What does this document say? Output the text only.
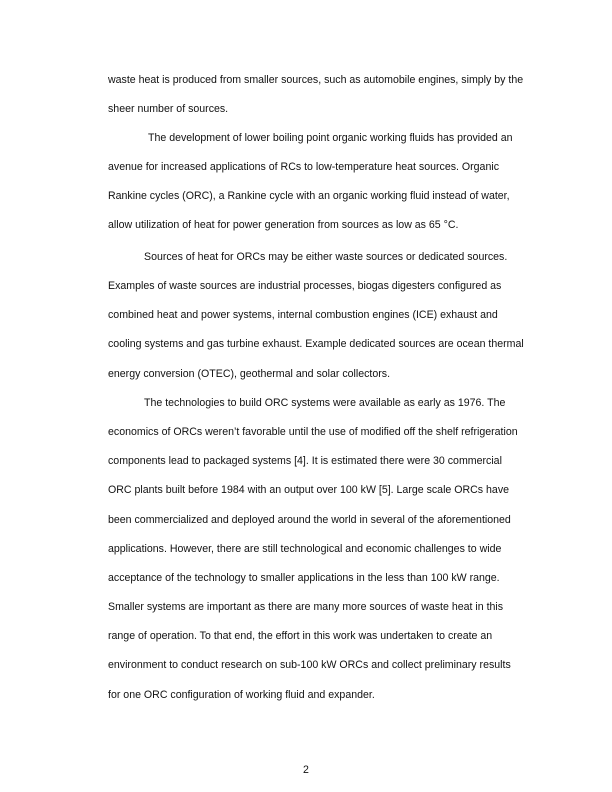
waste heat is produced from smaller sources, such as automobile engines, simply by the
sheer number of sources.
The development of lower boiling point organic working fluids has provided an
avenue for increased applications of RCs to low-temperature heat sources. Organic
Rankine cycles (ORC), a Rankine cycle with an organic working fluid instead of water,
allow utilization of heat for power generation from sources as low as 65 °C.
Sources of heat for ORCs may be either waste sources or dedicated sources.
Examples of waste sources are industrial processes, biogas digesters configured as
combined heat and power systems, internal combustion engines (ICE) exhaust and
cooling systems and gas turbine exhaust. Example dedicated sources are ocean thermal
energy conversion (OTEC), geothermal and solar collectors.
The technologies to build ORC systems were available as early as 1976. The
economics of ORCs weren’t favorable until the use of modified off the shelf refrigeration
components lead to packaged systems [4]. It is estimated there were 30 commercial
ORC plants built before 1984 with an output over 100 kW [5]. Large scale ORCs have
been commercialized and deployed around the world in several of the aforementioned
applications. However, there are still technological and economic challenges to wide
acceptance of the technology to smaller applications in the less than 100 kW range.
Smaller systems are important as there are many more sources of waste heat in this
range of operation. To that end, the effort in this work was undertaken to create an
environment to conduct research on sub-100 kW ORCs and collect preliminary results
for one ORC configuration of working fluid and expander.
2
